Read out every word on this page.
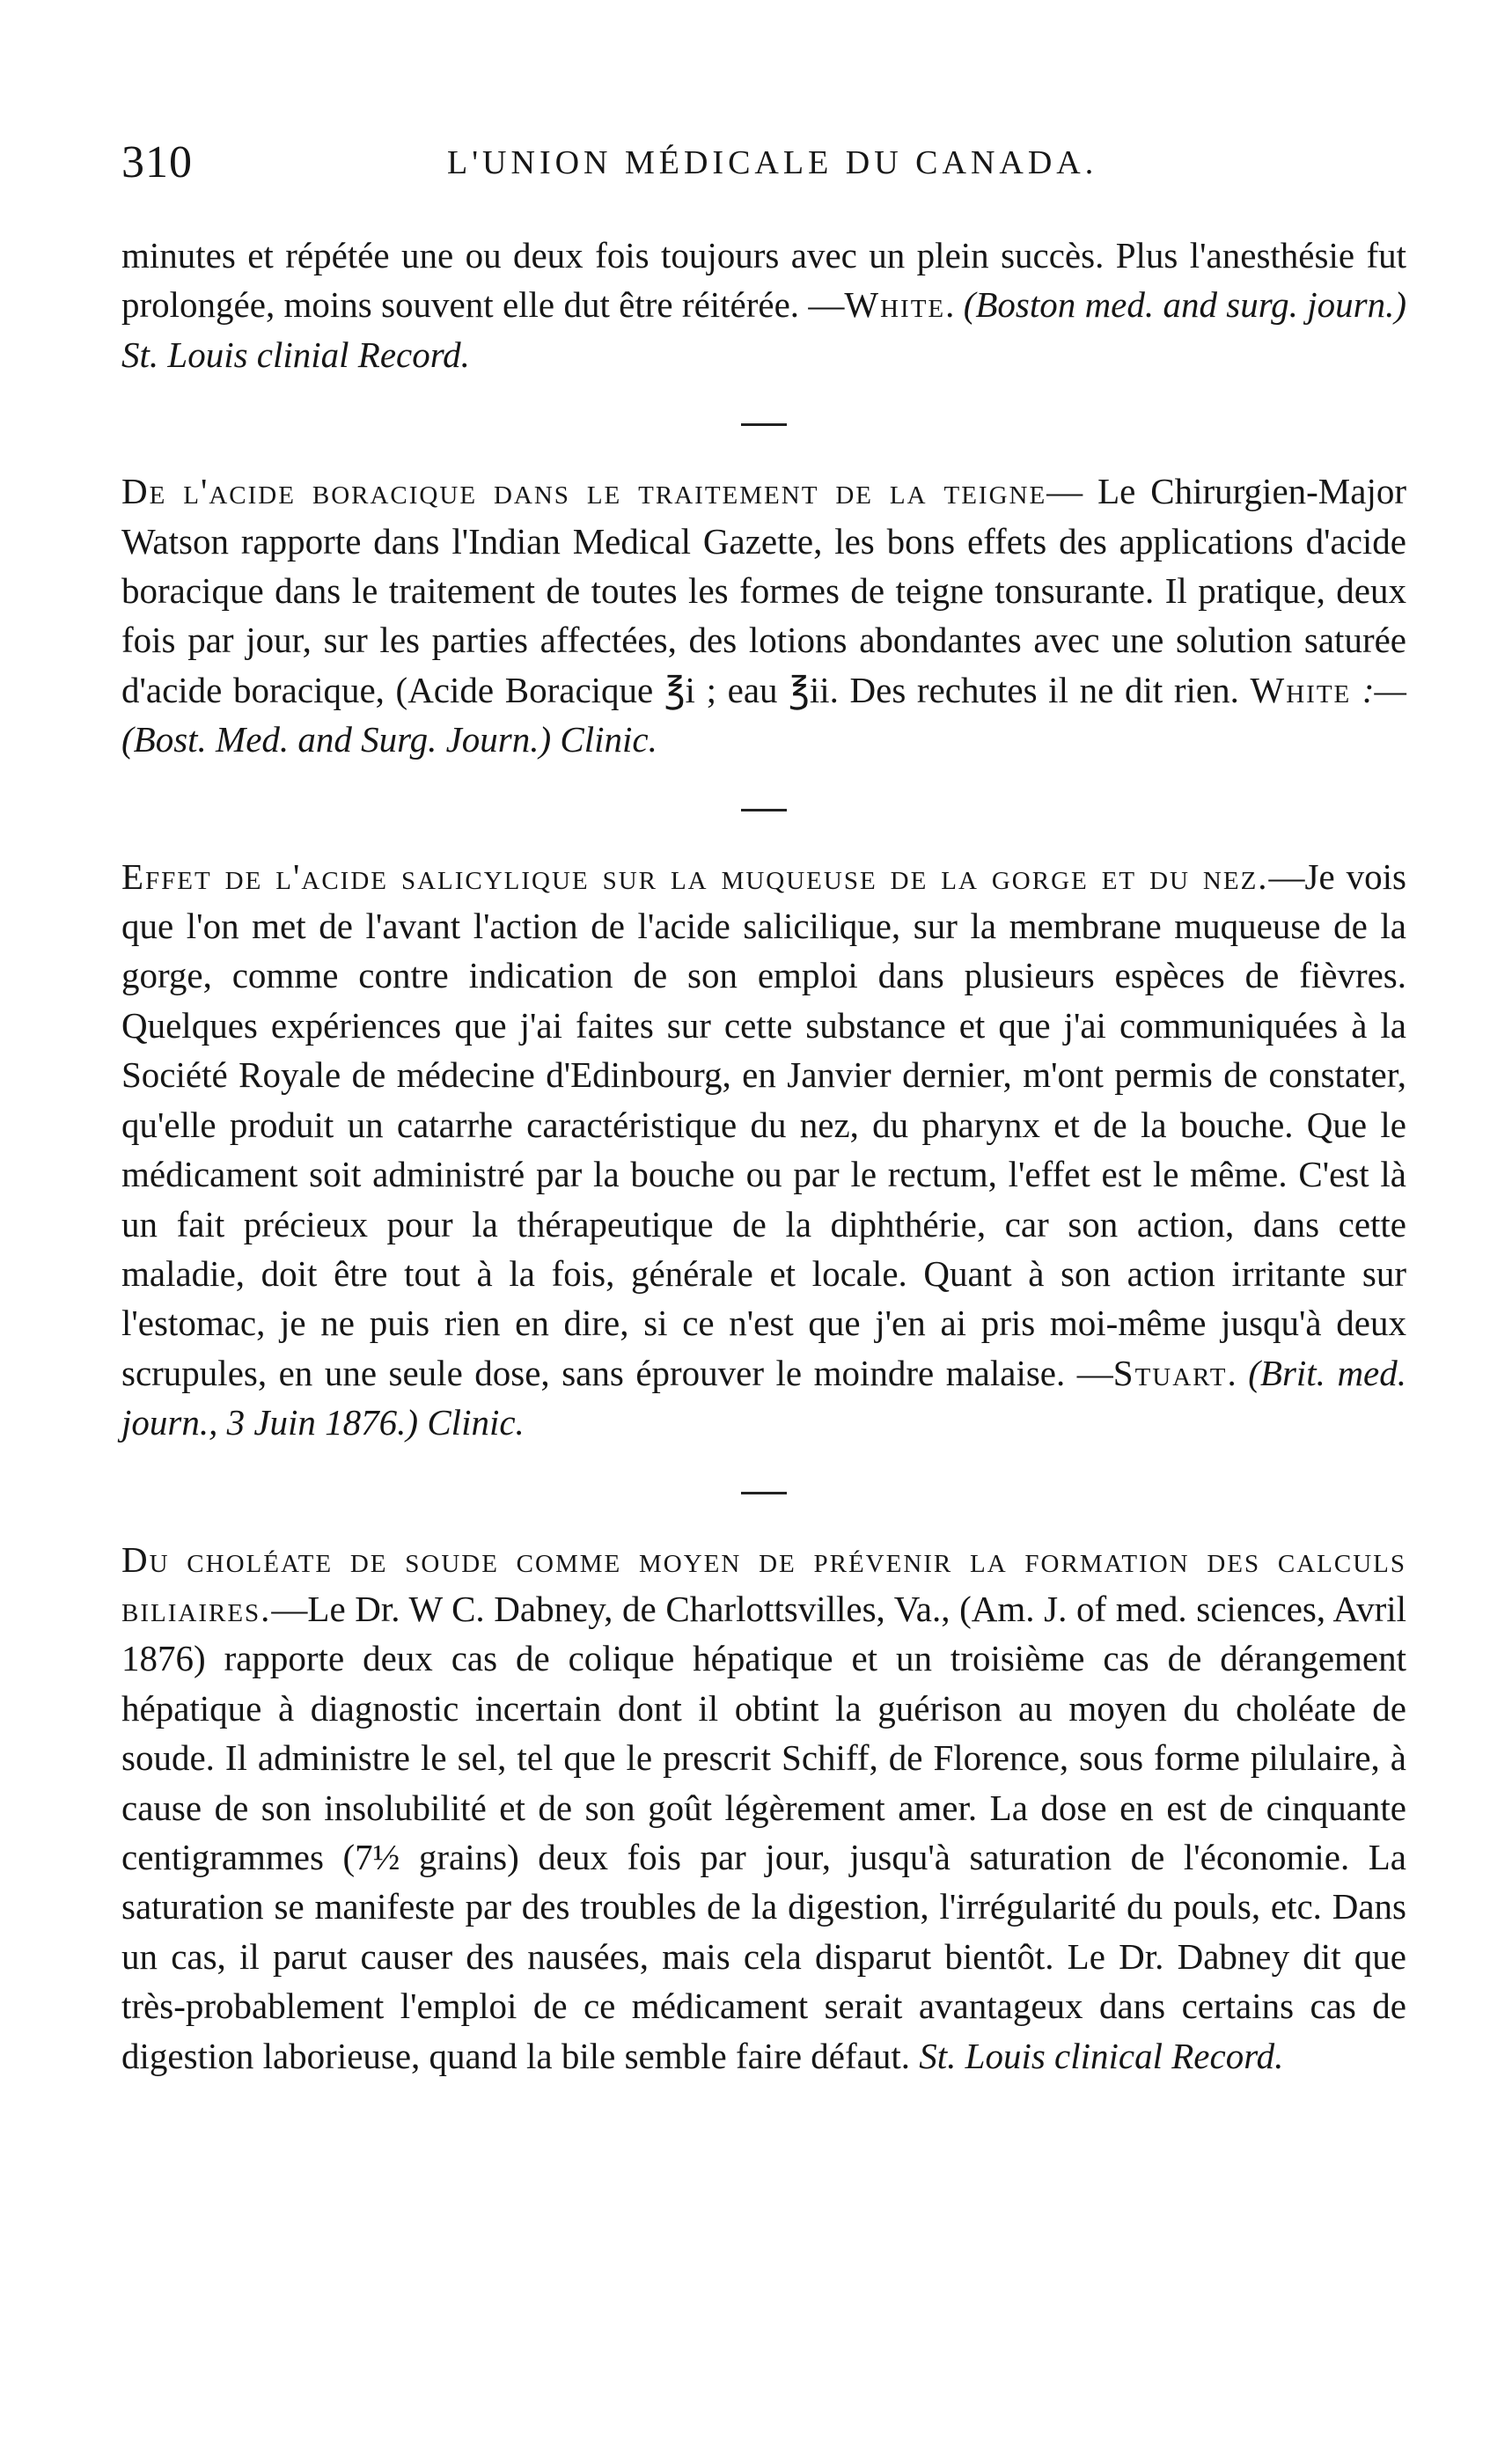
310	L'UNION MÉDICALE DU CANADA.

minutes et répétée une ou deux fois toujours avec un plein succès. Plus l'anesthésie fut prolongée, moins souvent elle dut être réitérée. —White. (Boston med. and surg. journ.) St. Louis clinial Record.

De l'acide boracique dans le traitement de la teigne— Le Chirurgien-Major Watson rapporte dans l'Indian Medical Gazette, les bons effets des applications d'acide boracique dans le traitement de toutes les formes de teigne tonsurante. Il pratique, deux fois par jour, sur les parties affectées, des lotions abondantes avec une solution saturée d'acide boracique, (Acide Boracique ℥i ; eau ℥ii. Des rechutes il ne dit rien. White :—(Bost. Med. and Surg. Journ.) Clinic.

Effet de l'acide salicylique sur la muqueuse de la gorge et du nez.—Je vois que l'on met de l'avant l'action de l'acide salicilique, sur la membrane muqueuse de la gorge, comme contre indication de son emploi dans plusieurs espèces de fièvres. Quelques expériences que j'ai faites sur cette substance et que j'ai communiquées à la Société Royale de médecine d'Edinbourg, en Janvier dernier, m'ont permis de constater, qu'elle produit un catarrhe caractéristique du nez, du pharynx et de la bouche. Que le médicament soit administré par la bouche ou par le rectum, l'effet est le même. C'est là un fait précieux pour la thérapeutique de la diphthérie, car son action, dans cette maladie, doit être tout à la fois, générale et locale. Quant à son action irritante sur l'estomac, je ne puis rien en dire, si ce n'est que j'en ai pris moi-même jusqu'à deux scrupules, en une seule dose, sans éprouver le moindre malaise. —Stuart. (Brit. med. journ., 3 Juin 1876.) Clinic.

Du choléate de soude comme moyen de prévenir la formation des calculs biliaires.—Le Dr. W C. Dabney, de Charlottsvilles, Va., (Am. J. of med. sciences, Avril 1876) rapporte deux cas de colique hépatique et un troisième cas de dérangement hépatique à diagnostic incertain dont il obtint la guérison au moyen du choléate de soude. Il administre le sel, tel que le prescrit Schiff, de Florence, sous forme pilulaire, à cause de son insolubilité et de son goût légèrement amer. La dose en est de cinquante centigrammes (7½ grains) deux fois par jour, jusqu'à saturation de l'économie. La saturation se manifeste par des troubles de la digestion, l'irrégularité du pouls, etc. Dans un cas, il parut causer des nausées, mais cela disparut bientôt. Le Dr. Dabney dit que très-probablement l'emploi de ce médicament serait avantageux dans certains cas de digestion laborieuse, quand la bile semble faire défaut. St. Louis clinical Record.
